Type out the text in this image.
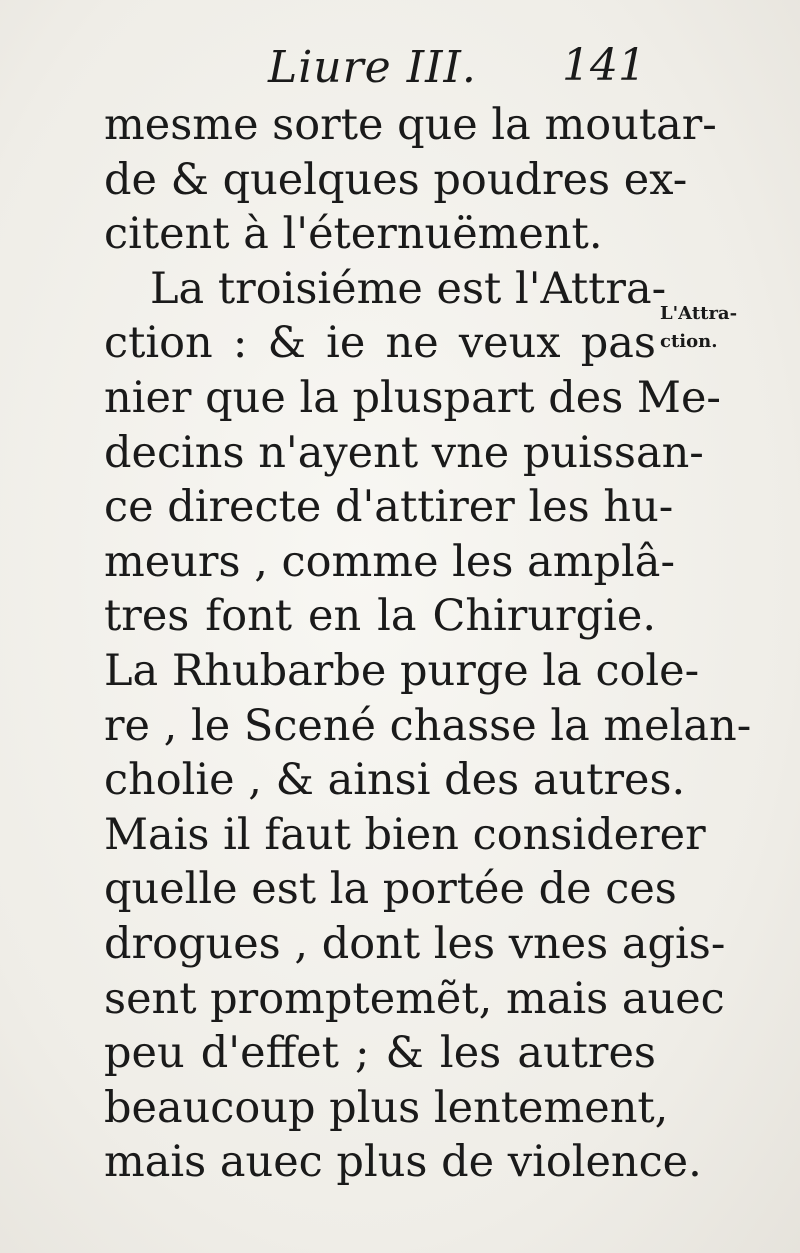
Liure III. 141
mesme sorte que la moutar-
de & quelques poudres ex-
citent à l'éternuëment.
La troisiéme est l'Attra-
ction : & ie ne veux pas
nier que la pluspart des Me-
decins n'ayent vne puissan-
ce directe d'attirer les hu-
meurs , comme les amplâ-
tres font en la Chirurgie.
La Rhubarbe purge la cole-
re , le Scené chasse la melan-
cholie , & ainsi des autres.
Mais il faut bien considerer
quelle est la portée de ces
drogues , dont les vnes agis-
sent promptemẽt, mais auec
peu d'effet ; & les autres
beaucoup plus lentement,
mais auec plus de violence.
L'Attra-
ction.
